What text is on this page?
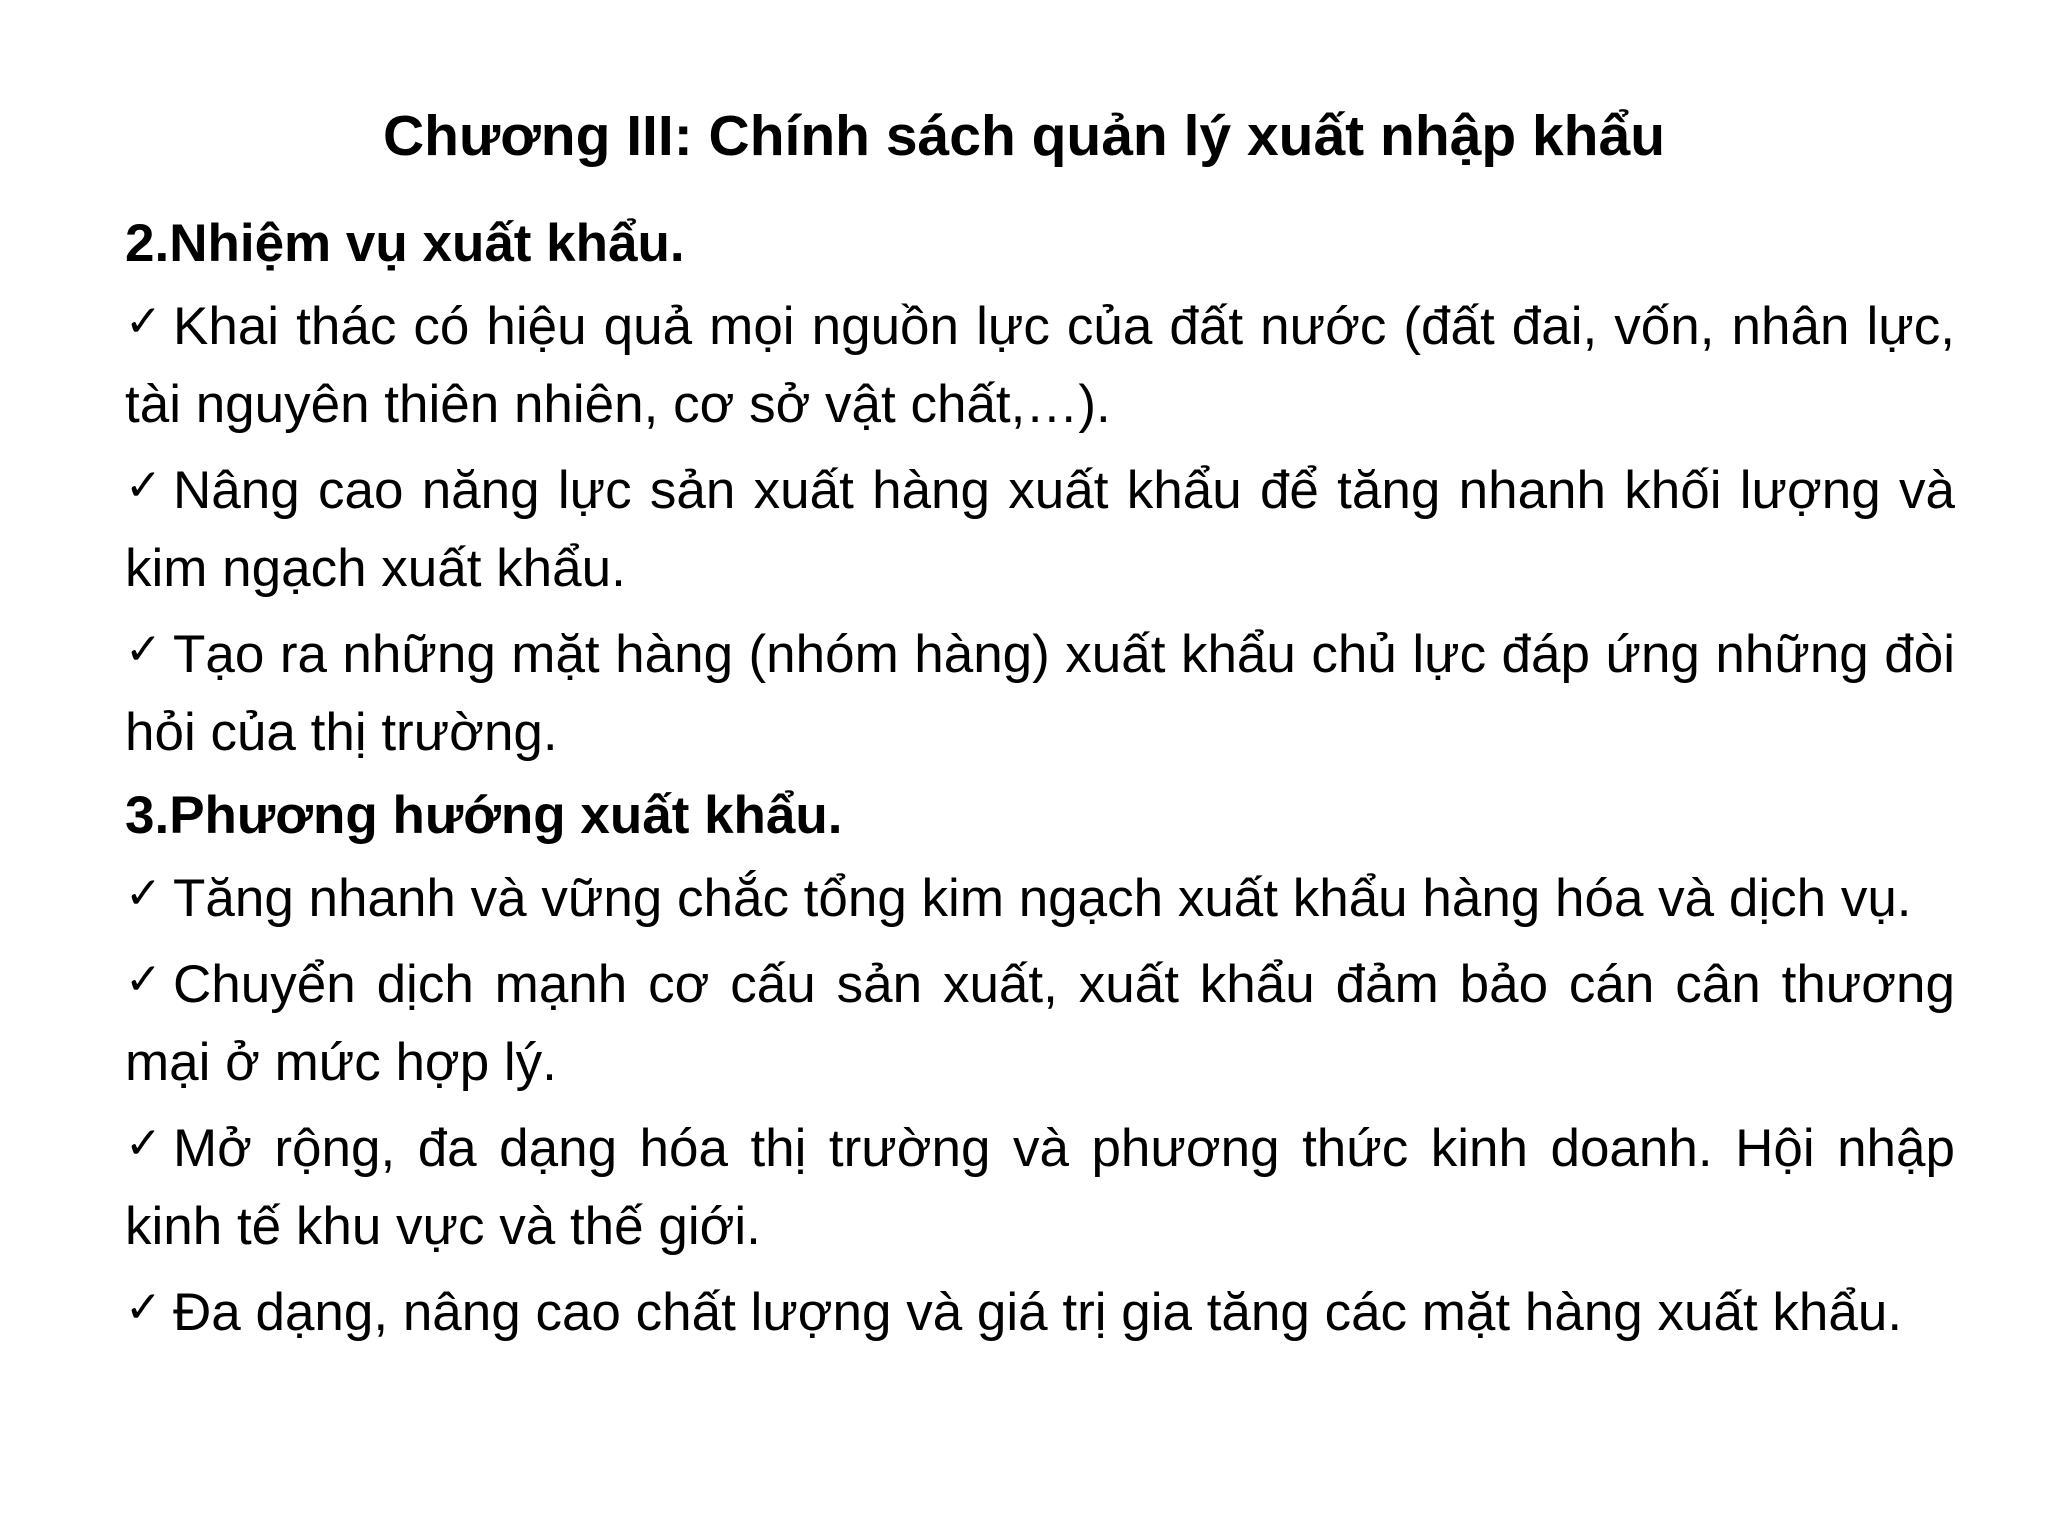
Chương III: Chính sách quản lý xuất nhập khẩu

2.Nhiệm vụ xuất khẩu.

✓ Khai thác có hiệu quả mọi nguồn lực của đất nước (đất đai, vốn, nhân lực, tài nguyên thiên nhiên, cơ sở vật chất,…).

✓ Nâng cao năng lực sản xuất hàng xuất khẩu để tăng nhanh khối lượng và kim ngạch xuất khẩu.

✓ Tạo ra những mặt hàng (nhóm hàng) xuất khẩu chủ lực đáp ứng những đòi hỏi của thị trường.

3.Phương hướng xuất khẩu.

✓ Tăng nhanh và vững chắc tổng kim ngạch xuất khẩu hàng hóa và dịch vụ.

✓ Chuyển dịch mạnh cơ cấu sản xuất, xuất khẩu đảm bảo cán cân thương mại ở mức hợp lý.

✓ Mở rộng, đa dạng hóa thị trường và phương thức kinh doanh. Hội nhập kinh tế khu vực và thế giới.

✓ Đa dạng, nâng cao chất lượng và giá trị gia tăng các mặt hàng xuất khẩu.
